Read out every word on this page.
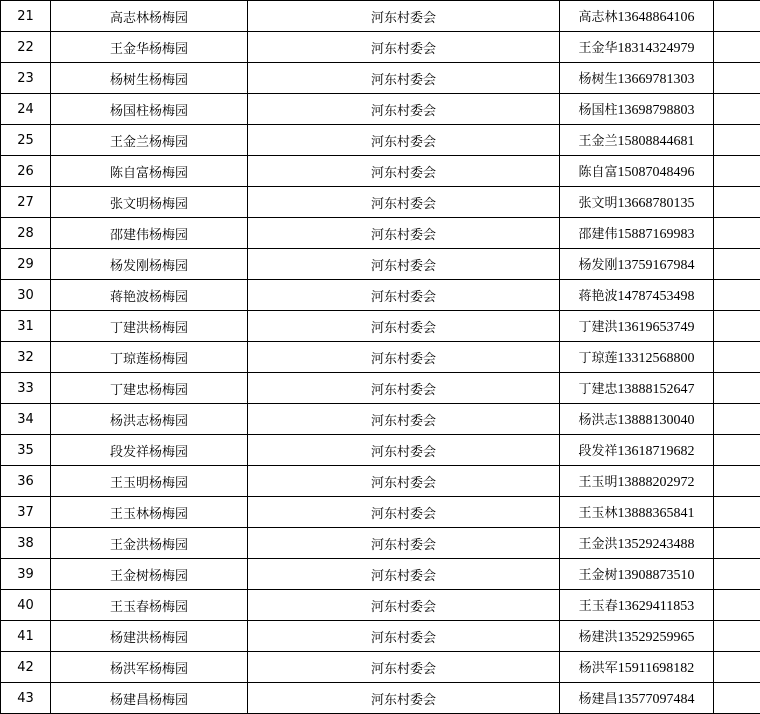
21	高志林杨梅园	河东村委会	高志林13648864106	
22	王金华杨梅园	河东村委会	王金华18314324979	
23	杨树生杨梅园	河东村委会	杨树生13669781303	
24	杨国柱杨梅园	河东村委会	杨国柱13698798803	
25	王金兰杨梅园	河东村委会	王金兰15808844681	
26	陈自富杨梅园	河东村委会	陈自富15087048496	
27	张文明杨梅园	河东村委会	张文明13668780135	
28	邵建伟杨梅园	河东村委会	邵建伟15887169983	
29	杨发刚杨梅园	河东村委会	杨发刚13759167984	
30	蒋艳波杨梅园	河东村委会	蒋艳波14787453498	
31	丁建洪杨梅园	河东村委会	丁建洪13619653749	
32	丁琼莲杨梅园	河东村委会	丁琼莲13312568800	
33	丁建忠杨梅园	河东村委会	丁建忠13888152647	
34	杨洪志杨梅园	河东村委会	杨洪志13888130040	
35	段发祥杨梅园	河东村委会	段发祥13618719682	
36	王玉明杨梅园	河东村委会	王玉明13888202972	
37	王玉林杨梅园	河东村委会	王玉林13888365841	
38	王金洪杨梅园	河东村委会	王金洪13529243488	
39	王金树杨梅园	河东村委会	王金树13908873510	
40	王玉春杨梅园	河东村委会	王玉春13629411853	
41	杨建洪杨梅园	河东村委会	杨建洪13529259965	
42	杨洪军杨梅园	河东村委会	杨洪军15911698182	
43	杨建昌杨梅园	河东村委会	杨建昌13577097484	
